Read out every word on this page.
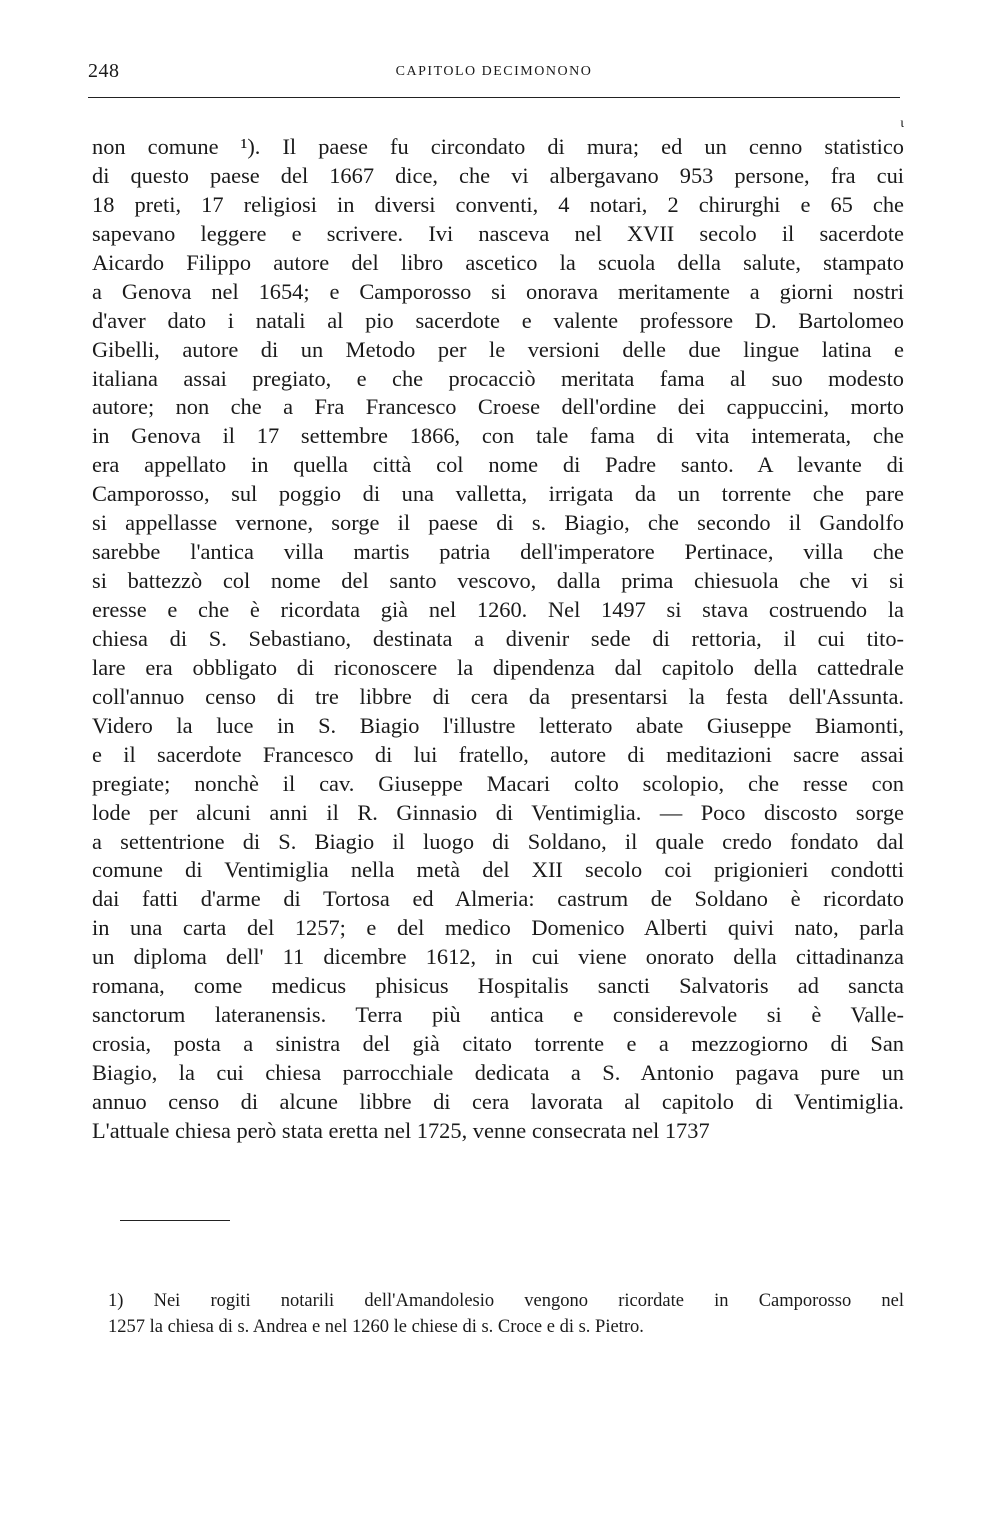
248	CAPITOLO DECIMONONO
ɩ
non comune ¹). Il paese fu circondato di mura; ed un cenno statistico
di questo paese del 1667 dice, che vi albergavano 953 persone, fra cui
18 preti, 17 religiosi in diversi conventi, 4 notari, 2 chirurghi e 65 che
sapevano leggere e scrivere. Ivi nasceva nel XVII secolo il sacerdote
Aicardo Filippo autore del libro ascetico la scuola della salute, stampato
a Genova nel 1654; e Camporosso si onorava meritamente a giorni nostri
d'aver dato i natali al pio sacerdote e valente professore D. Bartolomeo
Gibelli, autore di un Metodo per le versioni delle due lingue latina e
italiana assai pregiato, e che procacciò meritata fama al suo modesto
autore; non che a Fra Francesco Croese dell'ordine dei cappuccini, morto
in Genova il 17 settembre 1866, con tale fama di vita intemerata, che
era appellato in quella città col nome di Padre santo. A levante di
Camporosso, sul poggio di una valletta, irrigata da un torrente che pare
si appellasse vernone, sorge il paese di s. Biagio, che secondo il Gandolfo
sarebbe l'antica villa martis patria dell'imperatore Pertinace, villa che
si battezzò col nome del santo vescovo, dalla prima chiesuola che vi si
eresse e che è ricordata già nel 1260. Nel 1497 si stava costruendo la
chiesa di S. Sebastiano, destinata a divenir sede di rettoria, il cui tito-
lare era obbligato di riconoscere la dipendenza dal capitolo della cattedrale
coll'annuo censo di tre libbre di cera da presentarsi la festa dell'Assunta.
Videro la luce in S. Biagio l'illustre letterato abate Giuseppe Biamonti,
e il sacerdote Francesco di lui fratello, autore di meditazioni sacre assai
pregiate; nonchè il cav. Giuseppe Macari colto scolopio, che resse con
lode per alcuni anni il R. Ginnasio di Ventimiglia. — Poco discosto sorge
a settentrione di S. Biagio il luogo di Soldano, il quale credo fondato dal
comune di Ventimiglia nella metà del XII secolo coi prigionieri condotti
dai fatti d'arme di Tortosa ed Almeria: castrum de Soldano è ricordato
in una carta del 1257; e del medico Domenico Alberti quivi nato, parla
un diploma dell' 11 dicembre 1612, in cui viene onorato della cittadinanza
romana, come medicus phisicus Hospitalis sancti Salvatoris ad sancta
sanctorum lateranensis. Terra più antica e considerevole si è Valle-
crosia, posta a sinistra del già citato torrente e a mezzogiorno di San
Biagio, la cui chiesa parrocchiale dedicata a S. Antonio pagava pure un
annuo censo di alcune libbre di cera lavorata al capitolo di Ventimiglia.
L'attuale chiesa però stata eretta nel 1725, venne consecrata nel 1737
1) Nei rogiti notarili dell'Amandolesio vengono ricordate in Camporosso nel
1257 la chiesa di s. Andrea e nel 1260 le chiese di s. Croce e di s. Pietro.
